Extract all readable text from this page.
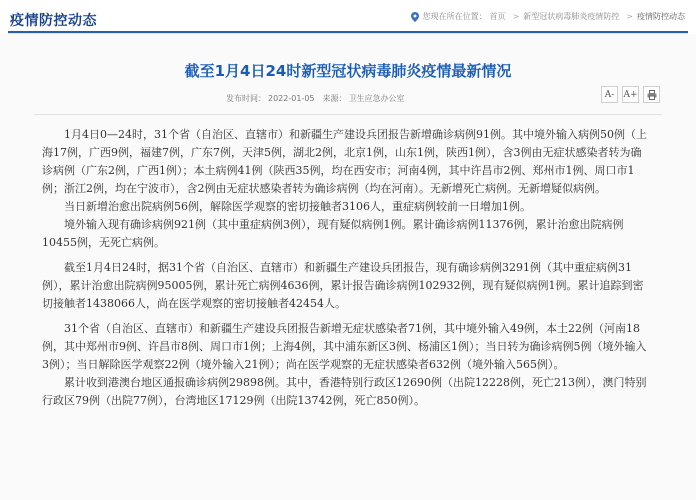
疫情防控动态	您现在所在位置： 首页 > 新型冠状病毒肺炎疫情防控 > 疫情防控动态
截至1月4日24时新型冠状病毒肺炎疫情最新情况
发布时间： 2022-01-05 来源： 卫生应急办公室	A-	A+

1月4日0—24时，31个省（自治区、直辖市）和新疆生产建设兵团报告新增确诊病例91例。其中境外输入病例50例（上海17例，广西9例，福建7例，广东7例，天津5例，湖北2例，北京1例，山东1例，陕西1例），含3例由无症状感染者转为确诊病例（广东2例，广西1例）；本土病例41例（陕西35例，均在西安市；河南4例，其中许昌市2例、郑州市1例、周口市1例；浙江2例，均在宁波市），含2例由无症状感染者转为确诊病例（均在河南）。无新增死亡病例。无新增疑似病例。

当日新增治愈出院病例56例，解除医学观察的密切接触者3106人，重症病例较前一日增加1例。

境外输入现有确诊病例921例（其中重症病例3例），现有疑似病例1例。累计确诊病例11376例，累计治愈出院病例10455例，无死亡病例。

截至1月4日24时，据31个省（自治区、直辖市）和新疆生产建设兵团报告，现有确诊病例3291例（其中重症病例31例），累计治愈出院病例95005例，累计死亡病例4636例，累计报告确诊病例102932例，现有疑似病例1例。累计追踪到密切接触者1438066人，尚在医学观察的密切接触者42454人。

31个省（自治区、直辖市）和新疆生产建设兵团报告新增无症状感染者71例，其中境外输入49例，本土22例（河南18例，其中郑州市9例、许昌市8例、周口市1例；上海4例，其中浦东新区3例、杨浦区1例）；当日转为确诊病例5例（境外输入3例）；当日解除医学观察22例（境外输入21例）；尚在医学观察的无症状感染者632例（境外输入565例）。

累计收到港澳台地区通报确诊病例29898例。其中，香港特别行政区12690例（出院12228例，死亡213例），澳门特别行政区79例（出院77例），台湾地区17129例（出院13742例，死亡850例）。
